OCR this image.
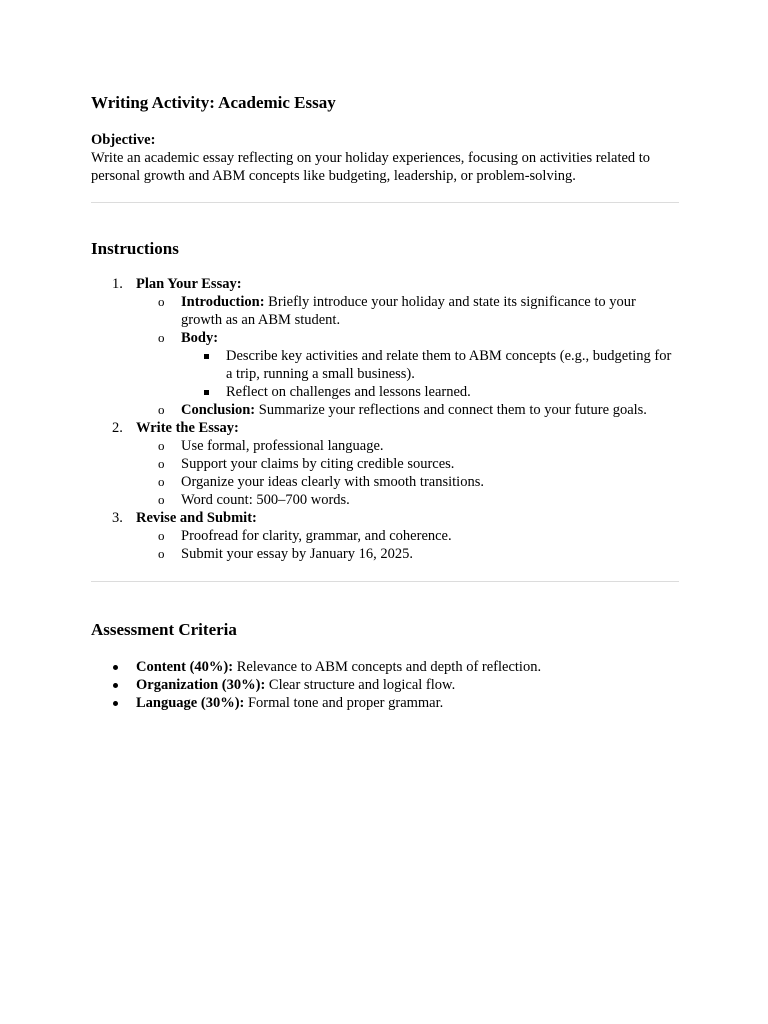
Writing Activity: Academic Essay
Objective:
Write an academic essay reflecting on your holiday experiences, focusing on activities related to personal growth and ABM concepts like budgeting, leadership, or problem-solving.
Instructions
1. Plan Your Essay:
o Introduction: Briefly introduce your holiday and state its significance to your growth as an ABM student.
o Body:
Describe key activities and relate them to ABM concepts (e.g., budgeting for a trip, running a small business).
Reflect on challenges and lessons learned.
o Conclusion: Summarize your reflections and connect them to your future goals.
2. Write the Essay:
o Use formal, professional language.
o Support your claims by citing credible sources.
o Organize your ideas clearly with smooth transitions.
o Word count: 500–700 words.
3. Revise and Submit:
o Proofread for clarity, grammar, and coherence.
o Submit your essay by January 16, 2025.
Assessment Criteria
Content (40%): Relevance to ABM concepts and depth of reflection.
Organization (30%): Clear structure and logical flow.
Language (30%): Formal tone and proper grammar.
